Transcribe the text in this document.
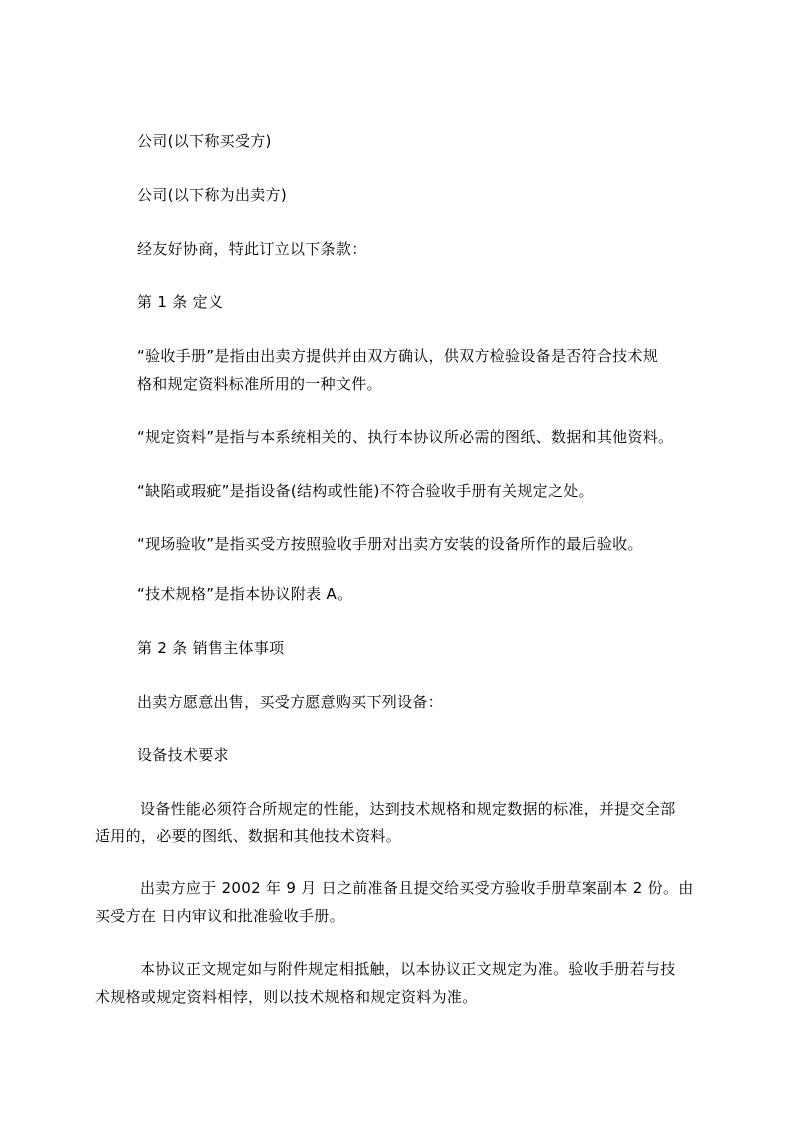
公司(以下称买受方)
公司(以下称为出卖方)
经友好协商，特此订立以下条款：
第 1 条 定义
“验收手册”是指由出卖方提供并由双方确认，供双方检验设备是否符合技术规
格和规定资料标准所用的一种文件。
“规定资料”是指与本系统相关的、执行本协议所必需的图纸、数据和其他资料。
“缺陷或瑕疵”是指设备(结构或性能)不符合验收手册有关规定之处。
“现场验收”是指买受方按照验收手册对出卖方安装的设备所作的最后验收。
“技术规格”是指本协议附表 A。
第 2 条 销售主体事项
出卖方愿意出售，买受方愿意购买下列设备：
设备技术要求
设备性能必须符合所规定的性能，达到技术规格和规定数据的标准，并提交全部
适用的，必要的图纸、数据和其他技术资料。
出卖方应于 2002 年 9 月 日之前准备且提交给买受方验收手册草案副本 2 份。由
买受方在 日内审议和批准验收手册。
本协议正文规定如与附件规定相抵触，以本协议正文规定为准。验收手册若与技
术规格或规定资料相悖，则以技术规格和规定资料为准。
